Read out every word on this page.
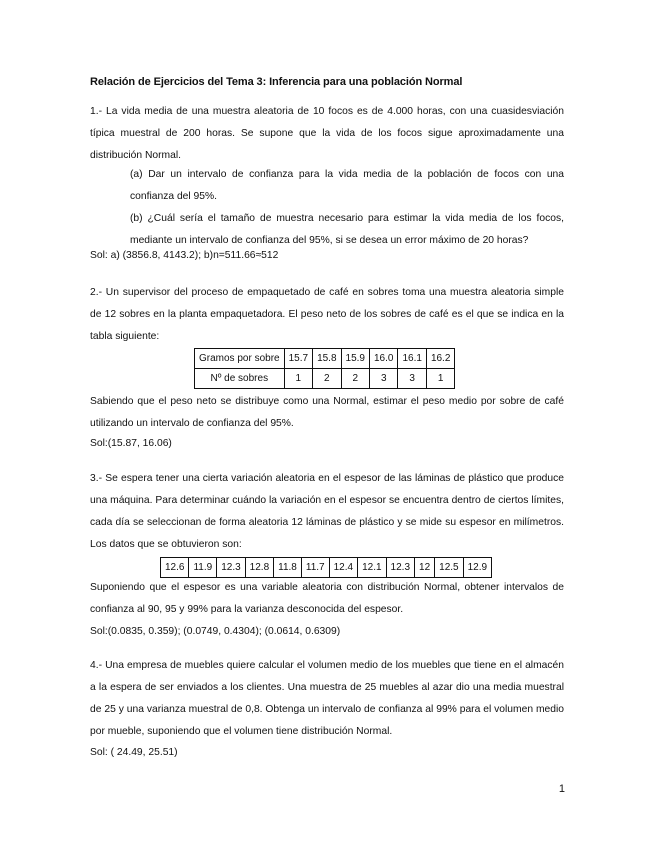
Relación de Ejercicios del Tema 3: Inferencia para una población Normal
1.- La vida media de una muestra aleatoria de 10 focos es de 4.000 horas, con una cuasidesviación típica muestral de 200 horas. Se supone que la vida de los focos sigue aproximadamente una distribución Normal.
(a) Dar un intervalo de confianza para la vida media de la población de focos con una confianza del 95%.
(b) ¿Cuál sería el tamaño de muestra necesario para estimar la vida media de los focos, mediante un intervalo de confianza del 95%, si se desea un error máximo de 20 horas?
Sol: a) (3856.8, 4143.2); b)n=511.66≈512
2.- Un supervisor del proceso de empaquetado de café en sobres toma una muestra aleatoria simple de 12 sobres en la planta empaquetadora. El peso neto de los sobres de café es el que se indica en la tabla siguiente:
Gramos por sobre	15.7	15.8	15.9	16.0	16.1	16.2
Nº de sobres	1	2	2	3	3	1
Sabiendo que el peso neto se distribuye como una Normal, estimar el peso medio por sobre de café utilizando un intervalo de confianza del 95%.
Sol:(15.87, 16.06)
3.- Se espera tener una cierta variación aleatoria en el espesor de las láminas de plástico que produce una máquina. Para determinar cuándo la variación en el espesor se encuentra dentro de ciertos límites, cada día se seleccionan de forma aleatoria 12 láminas de plástico y se mide su espesor en milímetros. Los datos que se obtuvieron son:
12.6	11.9	12.3	12.8	11.8	11.7	12.4	12.1	12.3	12	12.5	12.9
Suponiendo que el espesor es una variable aleatoria con distribución Normal, obtener intervalos de confianza al 90, 95 y 99% para la varianza desconocida del espesor.
Sol:(0.0835, 0.359); (0.0749, 0.4304); (0.0614, 0.6309)
4.- Una empresa de muebles quiere calcular el volumen medio de los muebles que tiene en el almacén a la espera de ser enviados a los clientes. Una muestra de 25 muebles al azar dio una media muestral de 25 y una varianza muestral de 0,8. Obtenga un intervalo de confianza al 99% para el volumen medio por mueble, suponiendo que el volumen tiene distribución Normal.
Sol: ( 24.49, 25.51)
1
